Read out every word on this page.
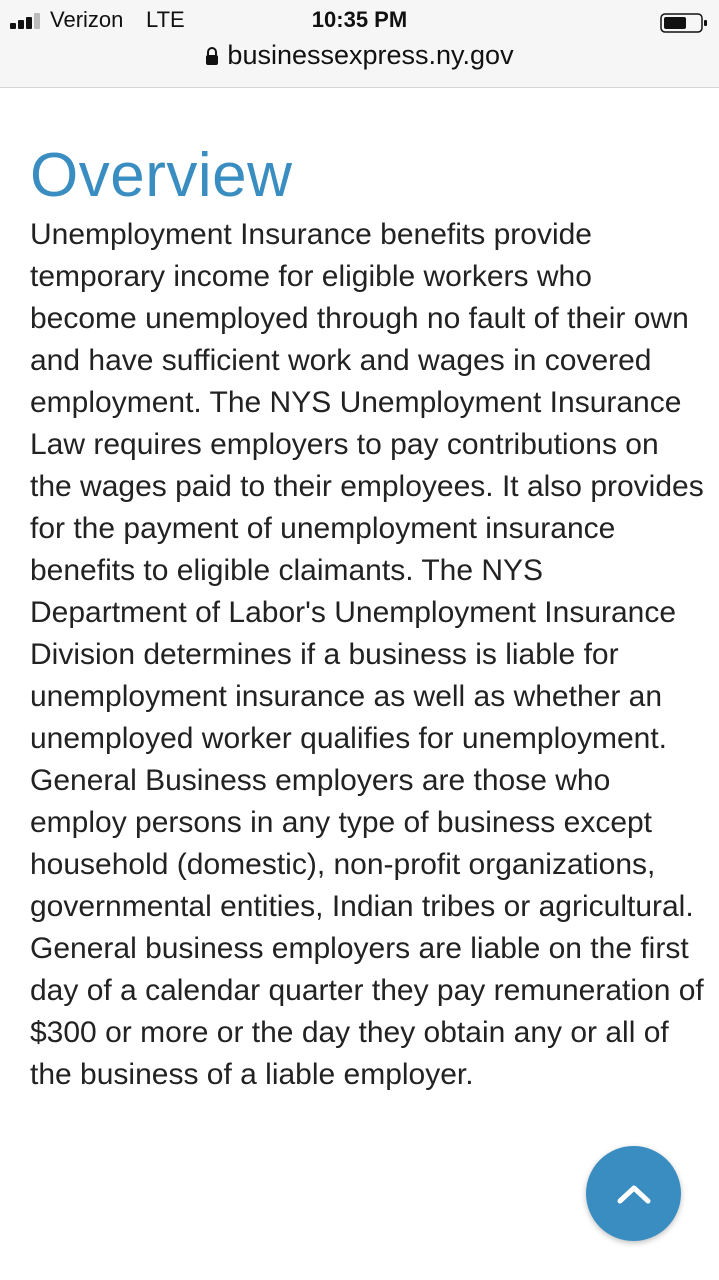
Verizon LTE	10:35 PM
businessexpress.ny.gov
Overview

Unemployment Insurance benefits provide temporary income for eligible workers who become unemployed through no fault of their own and have sufficient work and wages in covered employment. The NYS Unemployment Insurance Law requires employers to pay contributions on the wages paid to their employees. It also provides for the payment of unemployment insurance benefits to eligible claimants. The NYS Department of Labor's Unemployment Insurance Division determines if a business is liable for unemployment insurance as well as whether an unemployed worker qualifies for unemployment.

General Business employers are those who employ persons in any type of business except household (domestic), non-profit organizations, governmental entities, Indian tribes or agricultural. General business employers are liable on the first day of a calendar quarter they pay remuneration of $300 or more or the day they obtain any or all of the business of a liable employer.
